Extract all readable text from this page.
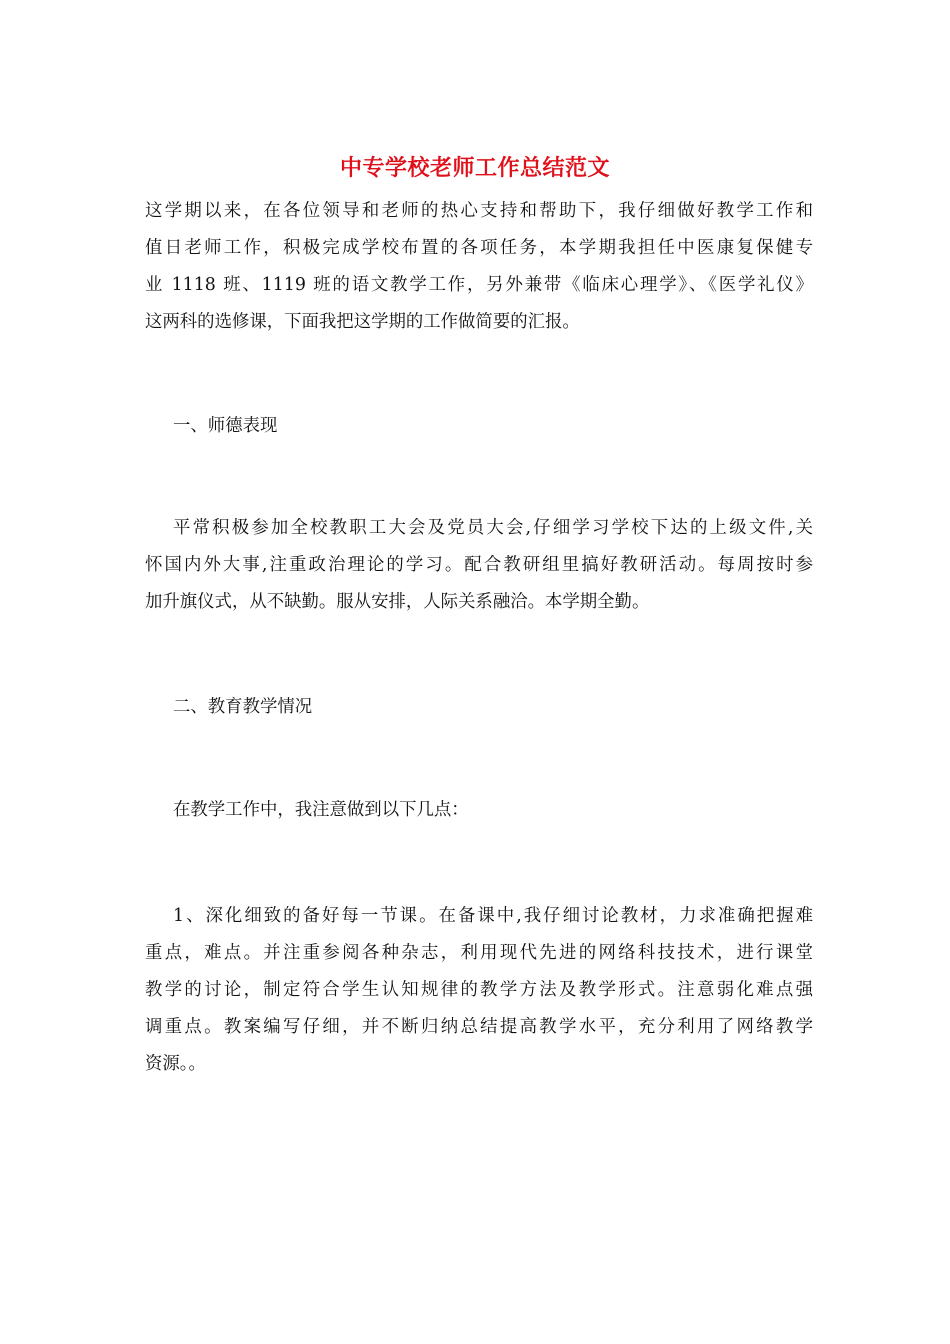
中专学校老师工作总结范文
这学期以来，在各位领导和老师的热心支持和帮助下，我仔细做好教学工作和
值日老师工作，积极完成学校布置的各项任务，本学期我担任中医康复保健专
业 1118 班、1119 班的语文教学工作，另外兼带《临床心理学》、《医学礼仪》
这两科的选修课，下面我把这学期的工作做简要的汇报。
一、师德表现
平常积极参加全校教职工大会及党员大会,仔细学习学校下达的上级文件,关
怀国内外大事,注重政治理论的学习。配合教研组里搞好教研活动。每周按时参
加升旗仪式，从不缺勤。服从安排，人际关系融洽。本学期全勤。
二、教育教学情况
在教学工作中，我注意做到以下几点：
1、深化细致的备好每一节课。在备课中,我仔细讨论教材，力求准确把握难
重点，难点。并注重参阅各种杂志，利用现代先进的网络科技技术，进行课堂
教学的讨论，制定符合学生认知规律的教学方法及教学形式。注意弱化难点强
调重点。教案编写仔细，并不断归纳总结提高教学水平，充分利用了网络教学
资源。。
